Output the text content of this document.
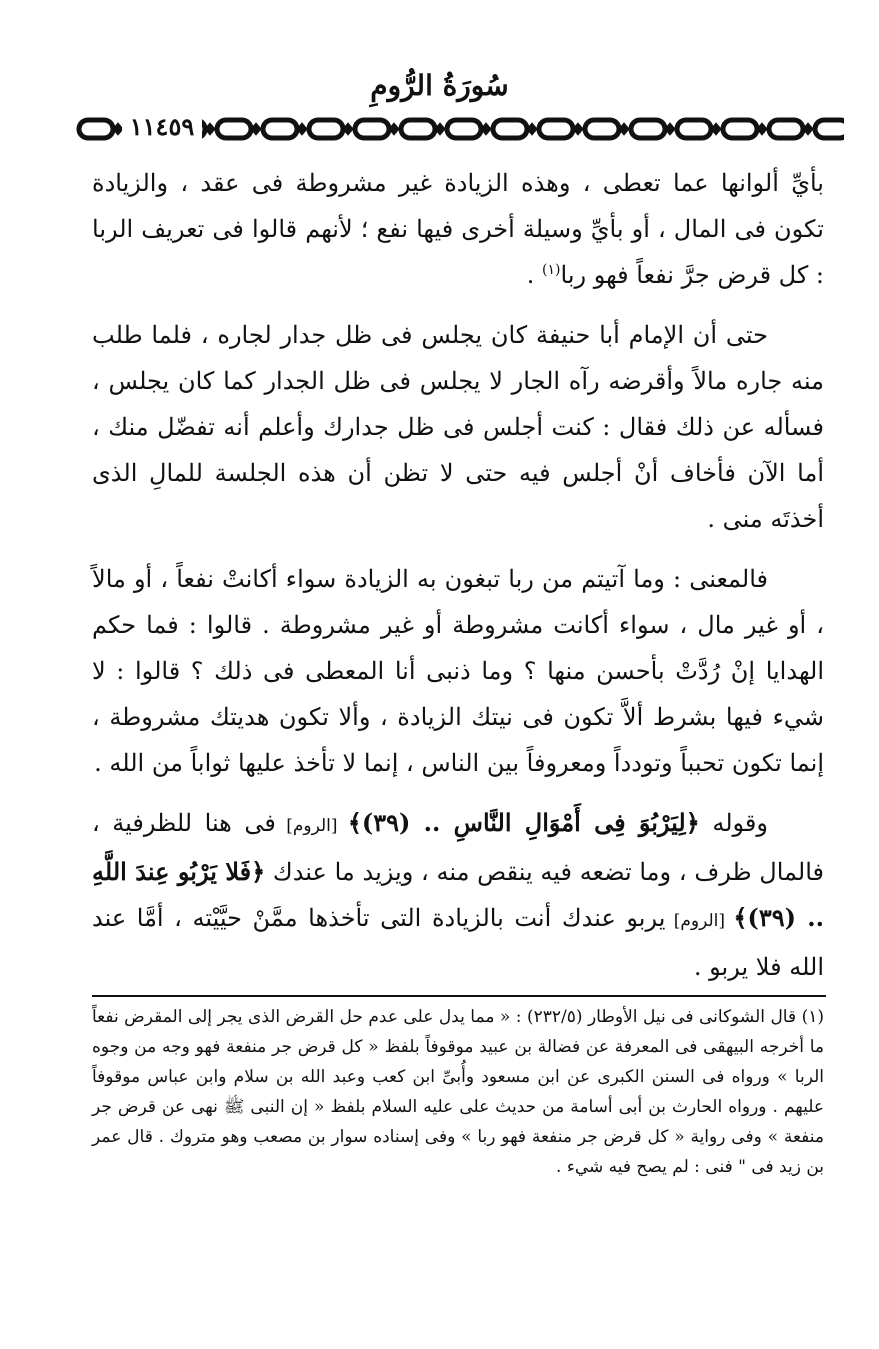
سُورَةُ الرُّومِ
١١٤٥٩

بأيِّ ألوانها عما تعطى ، وهذه الزيادة غير مشروطة فى عقد ، والزيادة تكون فى المال ، أو بأيِّ وسيلة أخرى فيها نفع ؛ لأنهم قالوا فى تعريف الربا : كل قرض جرَّ نفعاً فهو ربا$^{(١)}$ .

حتى أن الإمام أبا حنيفة كان يجلس فى ظل جدار لجاره ، فلما طلب منه جاره مالاً وأقرضه رآه الجار لا يجلس فى ظل الجدار كما كان يجلس ، فسأله عن ذلك فقال : كنت أجلس فى ظل جدارك وأعلم أنه تفضّل منك ، أما الآن فأخاف أنْ أجلس فيه حتى لا تظن أن هذه الجلسة للمالِ الذى أخذتَه منى .

فالمعنى : وما آتيتم من ربا تبغون به الزيادة سواء أكانتْ نفعاً ، أو مالاً ، أو غير مال ، سواء أكانت مشروطة أو غير مشروطة . قالوا : فما حكم الهدايا إنْ رُدَّتْ بأحسن منها ؟ وما ذنبى أنا المعطى فى ذلك ؟ قالوا : لا شيء فيها بشرط ألاَّ تكون فى نيتك الزيادة ، وألا تكون هديتك مشروطة ، إنما تكون تحبباً وتودداً ومعروفاً بين الناس ، إنما لا تأخذ عليها ثواباً من الله .

وقوله ﴿لِيَرْبُوَ فِى أَمْوَالِ النَّاسِ .. (٣٩)﴾ [الروم] فى هنا للظرفية ، فالمال ظرف ، وما تضعه فيه ينقص منه ، ويزيد ما عندك ﴿فَلا يَرْبُو عِندَ اللَّهِ .. (٣٩)﴾ [الروم] يربو عندك أنت بالزيادة التى تأخذها ممَّنْ حيَّيْته ، أمَّا عند الله فلا يربو .

(١) قال الشوكانى فى نيل الأوطار (٢٣٢/٥) : « مما يدل على عدم حل القرض الذى يجر إلى المقرض نفعاً ما أخرجه البيهقى فى المعرفة عن فضالة بن عبيد موقوفاً بلفظ « كل قرض جر منفعة فهو وجه من وجوه الربا » ورواه فى السنن الكبرى عن ابن مسعود وأُبىِّ ابن كعب وعبد الله بن سلام وابن عباس موقوفاً عليهم . ورواه الحارث بن أبى أسامة من حديث على عليه السلام بلفظ « إن النبى ﷺ نهى عن قرض جر منفعة » وفى رواية « كل قرض جر منفعة فهو ربا » وفى إسناده سوار بن مصعب وهو متروك . قال عمر بن زيد فى " فنى : لم يصح فيه شيء .
